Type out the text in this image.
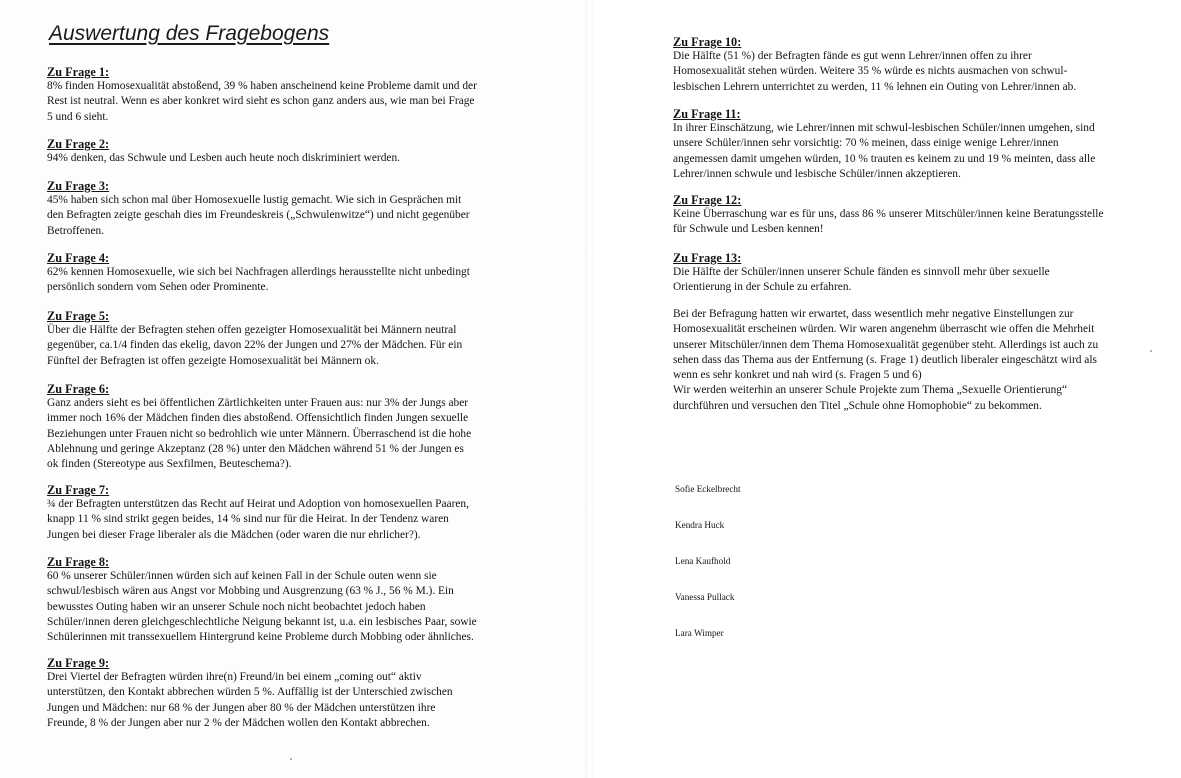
Auswertung des Fragebogens
Zu Frage 1:
8% finden Homosexualität abstoßend, 39 % haben anscheinend keine Probleme damit und der
Rest ist neutral. Wenn es aber konkret wird sieht es schon ganz anders aus, wie man bei Frage
5 und 6 sieht.
Zu Frage 2:
94% denken, das Schwule und Lesben auch heute noch diskriminiert werden.
Zu Frage 3:
45% haben sich schon mal über Homosexuelle lustig gemacht. Wie sich in Gesprächen mit
den Befragten zeigte geschah dies im Freundeskreis („Schwulenwitze“) und nicht gegenüber
Betroffenen.
Zu Frage 4:
62% kennen Homosexuelle, wie sich bei Nachfragen allerdings herausstellte nicht unbedingt
persönlich sondern vom Sehen oder Prominente.
Zu Frage 5:
Über die Hälfte der Befragten stehen offen gezeigter Homosexualität bei Männern neutral
gegenüber, ca.1/4 finden das ekelig, davon 22% der Jungen und 27% der Mädchen. Für ein
Fünftel der Befragten ist offen gezeigte Homosexualität bei Männern ok.
Zu Frage 6:
Ganz anders sieht es bei öffentlichen Zärtlichkeiten unter Frauen aus: nur 3% der Jungs aber
immer noch 16% der Mädchen finden dies abstoßend. Offensichtlich finden Jungen sexuelle
Beziehungen unter Frauen nicht so bedrohlich wie unter Männern. Überraschend ist die hohe
Ablehnung und geringe Akzeptanz (28 %) unter den Mädchen während 51 % der Jungen es
ok finden (Stereotype aus Sexfilmen, Beuteschema?).
Zu Frage 7:
¾ der Befragten unterstützen das Recht auf Heirat und Adoption von homosexuellen Paaren,
knapp 11 % sind strikt gegen beides, 14 % sind nur für die Heirat. In der Tendenz waren
Jungen bei dieser Frage liberaler als die Mädchen (oder waren die nur ehrlicher?).
Zu Frage 8:
60 % unserer Schüler/innen würden sich auf keinen Fall in der Schule outen wenn sie
schwul/lesbisch wären aus Angst vor Mobbing und Ausgrenzung (63 % J., 56 % M.). Ein
bewusstes Outing haben wir an unserer Schule noch nicht beobachtet jedoch haben
Schüler/innen deren gleichgeschlechtliche Neigung bekannt ist, u.a. ein lesbisches Paar, sowie
Schülerinnen mit transsexuellem Hintergrund keine Probleme durch Mobbing oder ähnliches.
Zu Frage 9:
Drei Viertel der Befragten würden ihre(n) Freund/in bei einem „coming out“ aktiv
unterstützen, den Kontakt abbrechen würden 5 %. Auffällig ist der Unterschied zwischen
Jungen und Mädchen: nur 68 % der Jungen aber 80 % der Mädchen unterstützen ihre
Freunde, 8 % der Jungen aber nur 2 % der Mädchen wollen den Kontakt abbrechen.
Zu Frage 10:
Die Hälfte (51 %) der Befragten fände es gut wenn Lehrer/innen offen zu ihrer
Homosexualität stehen würden. Weitere 35 % würde es nichts ausmachen von schwul-
lesbischen Lehrern unterrichtet zu werden, 11 % lehnen ein Outing von Lehrer/innen ab.
Zu Frage 11:
In ihrer Einschätzung, wie Lehrer/innen mit schwul-lesbischen Schüler/innen umgehen, sind
unsere Schüler/innen sehr vorsichtig: 70 % meinen, dass einige wenige Lehrer/innen
angemessen damit umgehen würden, 10 % trauten es keinem zu und 19 % meinten, dass alle
Lehrer/innen schwule und lesbische Schüler/innen akzeptieren.
Zu Frage 12:
Keine Überraschung war es für uns, dass 86 % unserer Mitschüler/innen keine Beratungsstelle
für Schwule und Lesben kennen!
Zu Frage 13:
Die Hälfte der Schüler/innen unserer Schule fänden es sinnvoll mehr über sexuelle
Orientierung in der Schule zu erfahren.
Bei der Befragung hatten wir erwartet, dass wesentlich mehr negative Einstellungen zur
Homosexualität erscheinen würden. Wir waren angenehm überrascht wie offen die Mehrheit
unserer Mitschüler/innen dem Thema Homosexualität gegenüber steht. Allerdings ist auch zu
sehen dass das Thema aus der Entfernung (s. Frage 1) deutlich liberaler eingeschätzt wird als
wenn es sehr konkret und nah wird (s. Fragen 5 und 6)
Wir werden weiterhin an unserer Schule Projekte zum Thema „Sexuelle Orientierung“
durchführen und versuchen den Titel „Schule ohne Homophobie“ zu bekommen.
Sofie Eckelbrecht
Kendra Huck
Lena Kaufhold
Vanessa Pullack
Lara Wimper
